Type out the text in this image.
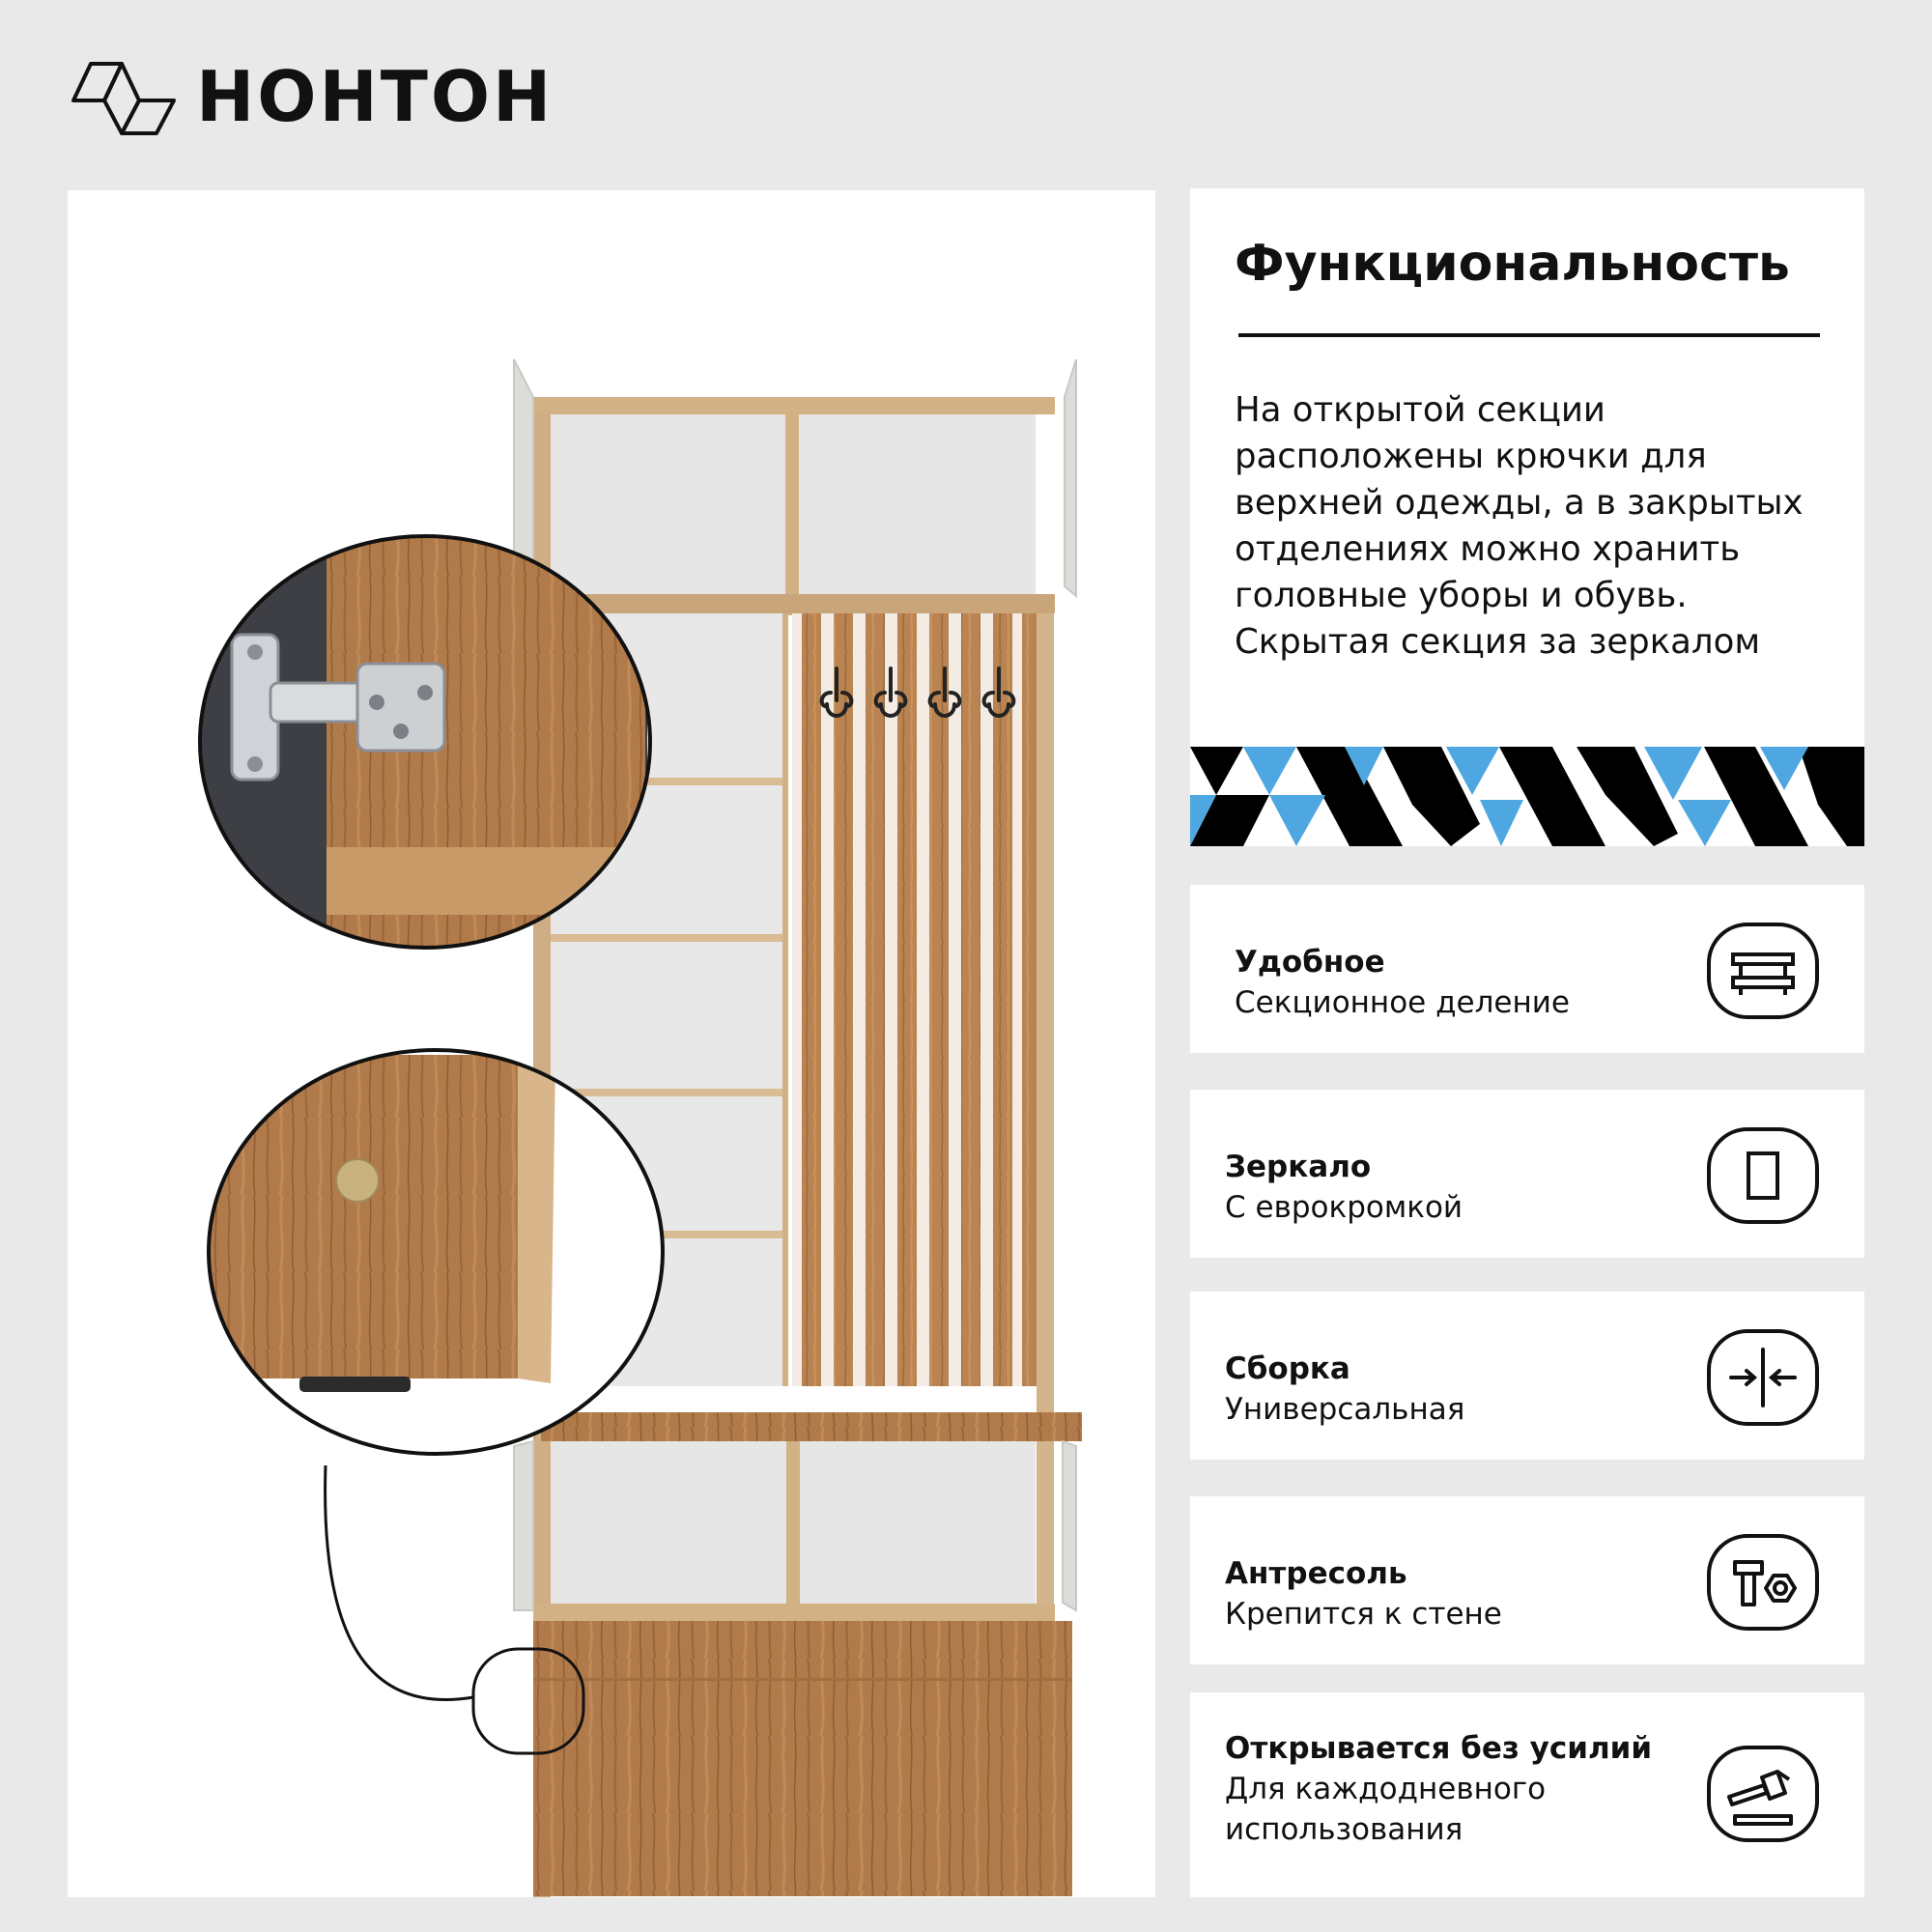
НОНТОН
Функциональность
На открытой секции
расположены крючки для
верхней одежды, а в закрытых
отделениях можно хранить
головные уборы и обувь.
Скрытая секция за зеркалом
Удобное
Секционное деление
Зеркало
С еврокромкой
Сборка
Универсальная
Антресоль
Крепится к стене
Открывается без усилий
Для каждодневного использования
